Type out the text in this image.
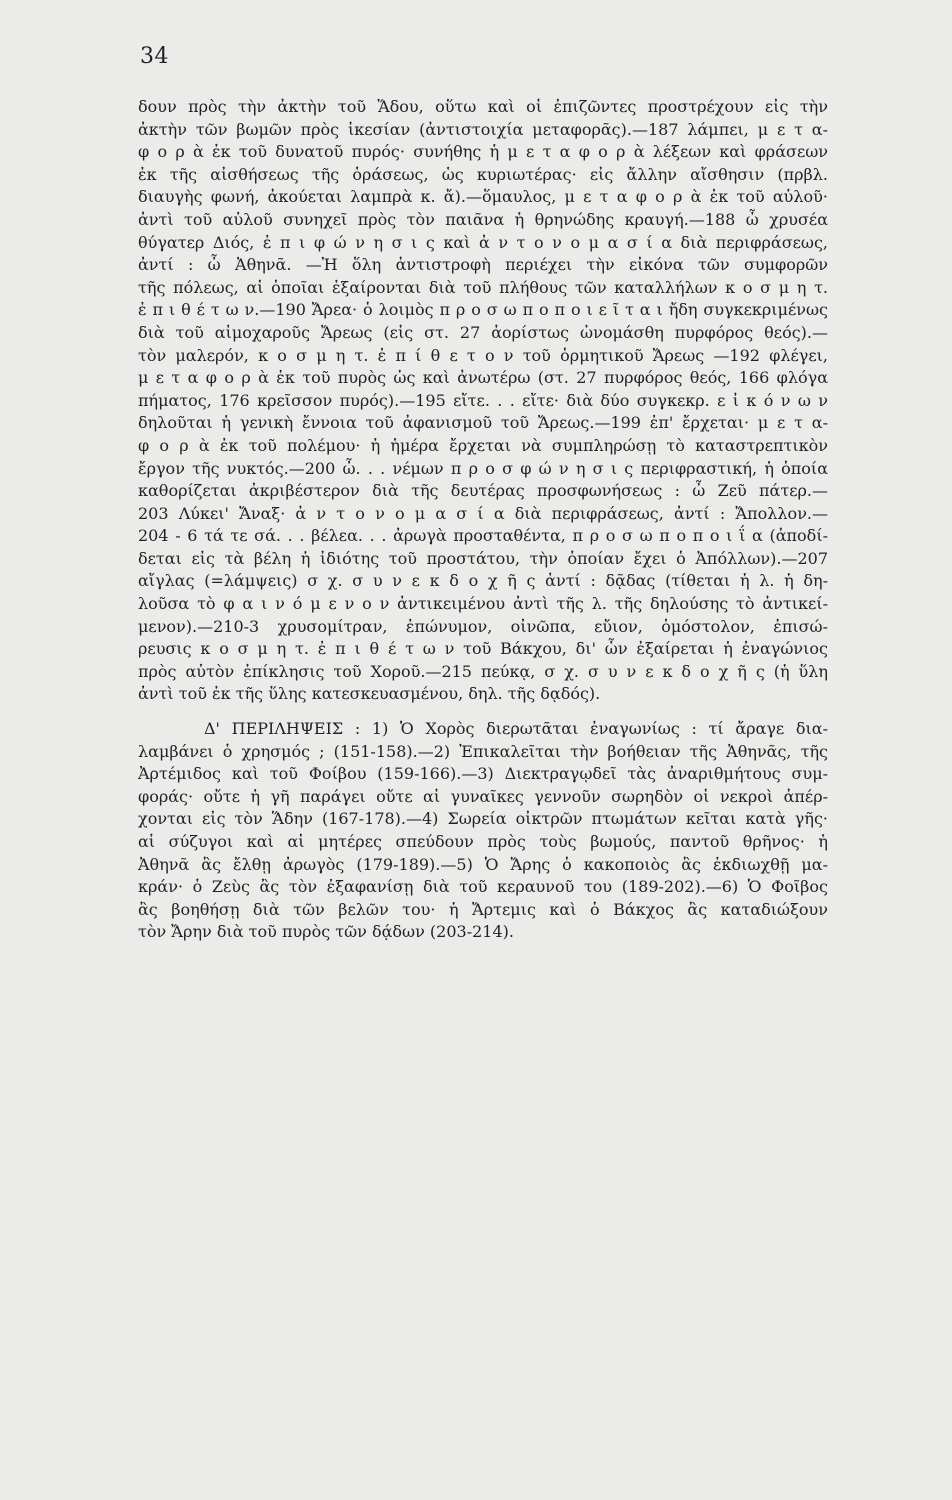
34
δουν πρὸς τὴν ἀκτὴν τοῦ Ἅδου, οὕτω καὶ οἱ ἐπιζῶντες προστρέχουν εἰς τὴν
ἀκτὴν τῶν βωμῶν πρὸς ἱκεσίαν (ἀντιστοιχία μεταφορᾶς).—187 λάμπει, μ ε τ α-
φ ο ρ ὰ ἐκ τοῦ δυνατοῦ πυρός· συνήθης ἡ μ ε τ α φ ο ρ ὰ λέξεων καὶ φράσεων
ἐκ τῆς αἰσθήσεως τῆς ὁράσεως, ὡς κυριωτέρας· εἰς ἄλλην αἴσθησιν (πρβλ.
διαυγὴς φωνή, ἀκούεται λαμπρὰ κ. ἄ).—ὅμαυλος, μ ε τ α φ ο ρ ὰ ἐκ τοῦ αὐλοῦ·
ἀντὶ τοῦ αὐλοῦ συνηχεῖ πρὸς τὸν παιᾶνα ἡ θρηνώδης κραυγή.—188 ὦ χρυσέα
θύγατερ Διός, ἐ π ι φ ώ ν η σ ι ς καὶ ἀ ν τ ο ν ο μ α σ ί α διὰ περιφράσεως,
ἀντί : ὦ Ἀθηνᾶ. —Ἡ ὅλη ἀντιστροφὴ περιέχει τὴν εἰκόνα τῶν συμφορῶν
τῆς πόλεως, αἱ ὁποῖαι ἐξαίρονται διὰ τοῦ πλήθους τῶν καταλλήλων κ ο σ μ η τ.
ἐ π ι θ έ τ ω ν.—190 Ἄρεα· ὁ λοιμὸς π ρ ο σ ω π ο π ο ι ε ῖ τ α ι ἤδη συγκεκριμένως
διὰ τοῦ αἱμοχαροῦς Ἄρεως (εἰς στ. 27 ἀορίστως ὠνομάσθη πυρφόρος θεός).—
τὸν μαλερόν, κ ο σ μ η τ. ἐ π ί θ ε τ ο ν τοῦ ὁρμητικοῦ Ἄρεως —192 φλέγει,
μ ε τ α φ ο ρ ὰ ἐκ τοῦ πυρὸς ὡς καὶ ἀνωτέρω (στ. 27 πυρφόρος θεός, 166 φλόγα
πήματος, 176 κρεῖσσον πυρός).—195 εἴτε. . . εἴτε· διὰ δύο συγκεκρ. ε ἰ κ ό ν ω ν
δηλοῦται ἡ γενικὴ ἔννοια τοῦ ἀφανισμοῦ τοῦ Ἄρεως.—199 ἐπ' ἔρχεται· μ ε τ α-
φ ο ρ ὰ ἐκ τοῦ πολέμου· ἡ ἡμέρα ἔρχεται νὰ συμπληρώσῃ τὸ καταστρεπτικὸν
ἔργον τῆς νυκτός.—200 ὦ. . . νέμων π ρ ο σ φ ώ ν η σ ι ς περιφραστική, ἡ ὁποία
καθορίζεται ἀκριβέστερον διὰ τῆς δευτέρας προσφωνήσεως : ὦ Ζεῦ πάτερ.—
203 Λύκει' Ἄναξ· ἀ ν τ ο ν ο μ α σ ί α διὰ περιφράσεως, ἀντί : Ἄπολλον.—
204 - 6 τά τε σά. . . βέλεα. . . ἀρωγὰ προσταθέντα, π ρ ο σ ω π ο π ο ι ΐ α (ἀποδί-
δεται εἰς τὰ βέλη ἡ ἰδιότης τοῦ προστάτου, τὴν ὁποίαν ἔχει ὁ Ἀπόλλων).—207
αἴγλας (=λάμψεις) σ χ. σ υ ν ε κ δ ο χ ῆ ς ἀντί : δᾷδας (τίθεται ἡ λ. ἡ δη-
λοῦσα τὸ φ α ι ν ό μ ε ν ο ν ἀντικειμένου ἀντὶ τῆς λ. τῆς δηλούσης τὸ ἀντικεί-
μενον).—210-3 χρυσομίτραν, ἐπώνυμον, οἰνῶπα, εὔιον, ὁμόστολον, ἐπισώ-
ρευσις κ ο σ μ η τ. ἐ π ι θ έ τ ω ν τοῦ Βάκχου, δι' ὧν ἐξαίρεται ἡ ἐναγώνιος
πρὸς αὐτὸν ἐπίκλησις τοῦ Χοροῦ.—215 πεύκᾳ, σ χ. σ υ ν ε κ δ ο χ ῆ ς (ἡ ὕλη
ἀντὶ τοῦ ἐκ τῆς ὕλης κατεσκευασμένου, δηλ. τῆς δᾳδός).
Δ' ΠΕΡΙΛΗΨΕΙΣ : 1) Ὁ Χορὸς διερωτᾶται ἐναγωνίως : τί ἄραγε δια-
λαμβάνει ὁ χρησμός ; (151-158).—2) Ἐπικαλεῖται τὴν βοήθειαν τῆς Ἀθηνᾶς, τῆς
Ἀρτέμιδος καὶ τοῦ Φοίβου (159-166).—3) Διεκτραγῳδεῖ τὰς ἀναριθμήτους συμ-
φοράς· οὔτε ἡ γῆ παράγει οὔτε αἱ γυναῖκες γεννοῦν σωρηδὸν οἱ νεκροὶ ἀπέρ-
χονται εἰς τὸν Ἅδην (167-178).—4) Σωρεία οἰκτρῶν πτωμάτων κεῖται κατὰ γῆς·
αἱ σύζυγοι καὶ αἱ μητέρες σπεύδουν πρὸς τοὺς βωμούς, παντοῦ θρῆνος· ἡ
Ἀθηνᾶ ἂς ἔλθῃ ἀρωγὸς (179-189).—5) Ὁ Ἄρης ὁ κακοποιὸς ἂς ἐκδιωχθῇ μα-
κράν· ὁ Ζεὺς ἂς τὸν ἐξαφανίσῃ διὰ τοῦ κεραυνοῦ του (189-202).—6) Ὁ Φοῖβος
ἂς βοηθήσῃ διὰ τῶν βελῶν του· ἡ Ἄρτεμις καὶ ὁ Βάκχος ἂς καταδιώξουν
τὸν Ἄρην διὰ τοῦ πυρὸς τῶν δᾴδων (203-214).
